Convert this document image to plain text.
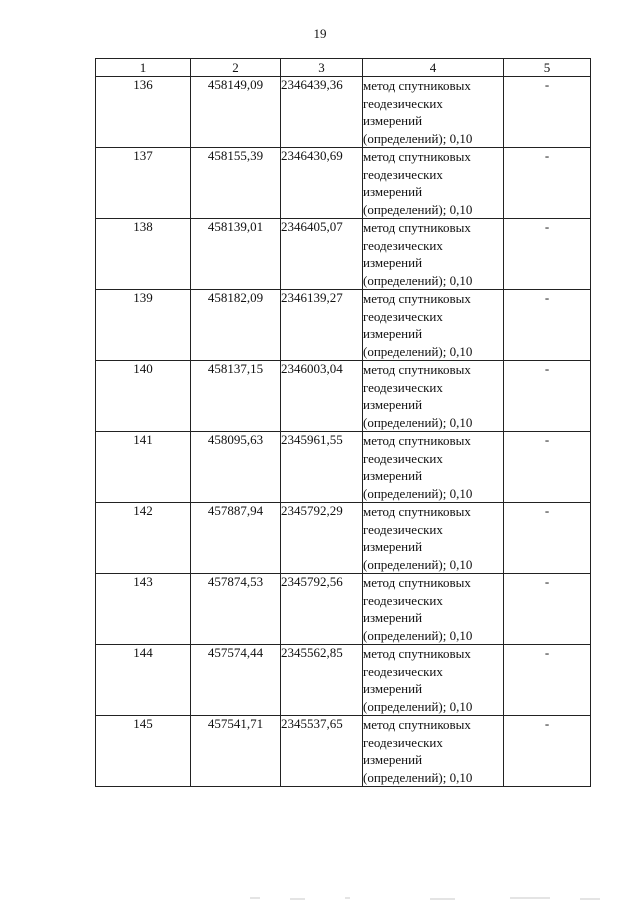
19
1	2	3	4	5
136	458149,09	2346439,36	метод спутниковых
геодезических
измерений
(определений); 0,10	-
137	458155,39	2346430,69	метод спутниковых
геодезических
измерений
(определений); 0,10	-
138	458139,01	2346405,07	метод спутниковых
геодезических
измерений
(определений); 0,10	-
139	458182,09	2346139,27	метод спутниковых
геодезических
измерений
(определений); 0,10	-
140	458137,15	2346003,04	метод спутниковых
геодезических
измерений
(определений); 0,10	-
141	458095,63	2345961,55	метод спутниковых
геодезических
измерений
(определений); 0,10	-
142	457887,94	2345792,29	метод спутниковых
геодезических
измерений
(определений); 0,10	-
143	457874,53	2345792,56	метод спутниковых
геодезических
измерений
(определений); 0,10	-
144	457574,44	2345562,85	метод спутниковых
геодезических
измерений
(определений); 0,10	-
145	457541,71	2345537,65	метод спутниковых
геодезических
измерений
(определений); 0,10	-
